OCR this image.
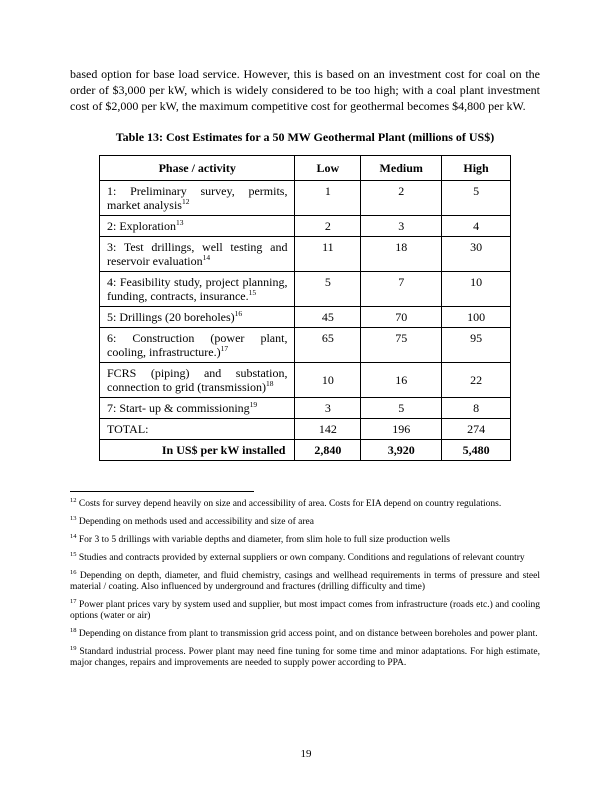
based option for base load service. However, this is based on an investment cost for coal on the order of $3,000 per kW, which is widely considered to be too high; with a coal plant investment cost of $2,000 per kW, the maximum competitive cost for geothermal becomes $4,800 per kW.

Table 13: Cost Estimates for a 50 MW Geothermal Plant (millions of US$)

Phase / activity	Low	Medium	High
1: Preliminary survey, permits, market analysis$^{12}$	1	2	5
2: Exploration$^{13}$	2	3	4
3: Test drillings, well testing and reservoir evaluation$^{14}$	11	18	30
4: Feasibility study, project planning, funding, contracts, insurance.$^{15}$	5	7	10
5: Drillings (20 boreholes)$^{16}$	45	70	100
6: Construction (power plant, cooling, infrastructure.)$^{17}$	65	75	95
FCRS (piping) and substation, connection to grid (transmission)$^{18}$	10	16	22
7: Start- up & commissioning$^{19}$	3	5	8
TOTAL:	142	196	274
In US$ per kW installed	2,840	3,920	5,480

$^{12}$ Costs for survey depend heavily on size and accessibility of area. Costs for EIA depend on country regulations.

$^{13}$ Depending on methods used and accessibility and size of area

$^{14}$ For 3 to 5 drillings with variable depths and diameter, from slim hole to full size production wells

$^{15}$ Studies and contracts provided by external suppliers or own company. Conditions and regulations of relevant country

$^{16}$ Depending on depth, diameter, and fluid chemistry, casings and wellhead requirements in terms of pressure and steel material / coating. Also influenced by underground and fractures (drilling difficulty and time)

$^{17}$ Power plant prices vary by system used and supplier, but most impact comes from infrastructure (roads etc.) and cooling options (water or air)

$^{18}$ Depending on distance from plant to transmission grid access point, and on distance between boreholes and power plant.

$^{19}$ Standard industrial process. Power plant may need fine tuning for some time and minor adaptations. For high estimate, major changes, repairs and improvements are needed to supply power according to PPA.

19
